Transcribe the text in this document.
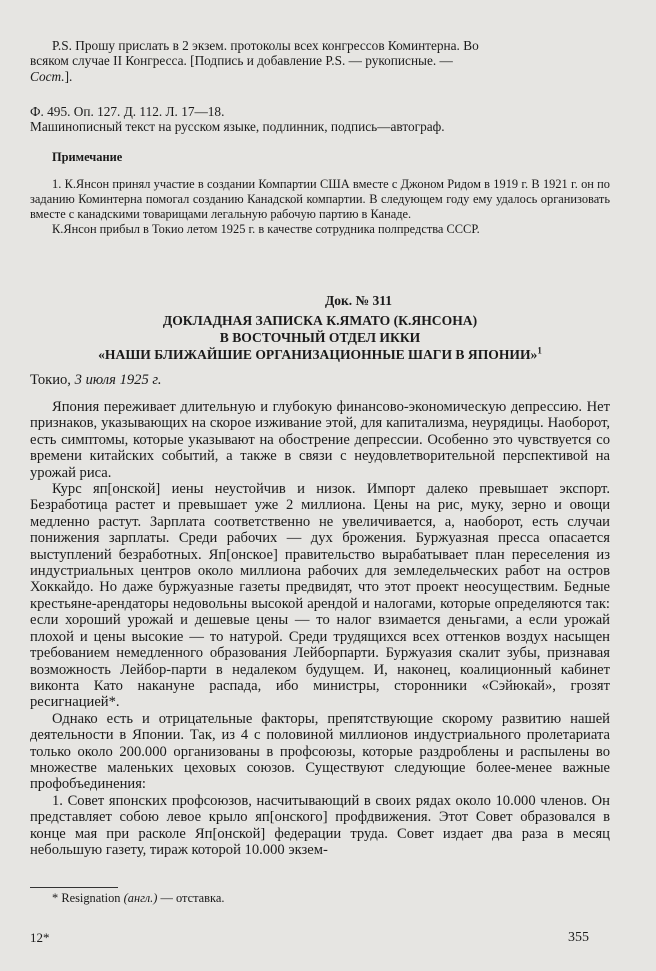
P.S. Прошу прислать в 2 экзем. протоколы всех конгрессов Коминтерна. Во

всяком случае II Конгресса. [Подпись и добавление P.S. — рукописные. —

Сост.].

Ф. 495. Оп. 127. Д. 112. Л. 17—18.

Машинописный текст на русском языке, подлинник, подпись—автограф.

Примечание

1. К.Янсон принял участие в создании Компартии США вместе с Джоном Ридом в 1919 г. В 1921 г. он по заданию Коминтерна помогал созданию Канадской компартии. В следующем году ему удалось организовать вместе с канадскими товарищами легальную рабочую партию в Канаде.

К.Янсон прибыл в Токио летом 1925 г. в качестве сотрудника полпредства СССР.

Док. № 311

ДОКЛАДНАЯ ЗАПИСКА К.ЯМАТО (К.ЯНСОНА)

В ВОСТОЧНЫЙ ОТДЕЛ ИККИ

«НАШИ БЛИЖАЙШИЕ ОРГАНИЗАЦИОННЫЕ ШАГИ В ЯПОНИИ»$^1$

Токио, 3 июля 1925 г.

Япония переживает длительную и глубокую финансово-экономическую депрессию. Нет признаков, указывающих на скорое изживание этой, для капитализма, неурядицы. Наоборот, есть симптомы, которые указывают на обострение депрессии. Особенно это чувствуется со времени китайских событий, а также в связи с неудовлетворительной перспективой на урожай риса.

Курс яп[онской] иены неустойчив и низок. Импорт далеко превышает экспорт. Безработица растет и превышает уже 2 миллиона. Цены на рис, муку, зерно и овощи медленно растут. Зарплата соответственно не увеличивается, а, наоборот, есть случаи понижения зарплаты. Среди рабочих — дух брожения. Буржуазная пресса опасается выступлений безработных. Яп[онское] правительство вырабатывает план переселения из индустриальных центров около миллиона рабочих для земледельческих работ на остров Хоккайдо. Но даже буржуазные газеты предвидят, что этот проект неосуществим. Бедные крестьяне-арендаторы недовольны высокой арендой и налогами, которые определяются так: если хороший урожай и дешевые цены — то налог взимается деньгами, а если урожай плохой и цены высокие — то натурой. Среди трудящихся всех оттенков воздух насыщен требованием немедленного образования Лейборпарти. Буржуазия скалит зубы, признавая возможность Лейбор-парти в недалеком будущем. И, наконец, коалиционный кабинет виконта Като накануне распада, ибо министры, сторонники «Сэйюкай», грозят ресигнацией*.

Однако есть и отрицательные факторы, препятствующие скорому развитию нашей деятельности в Японии. Так, из 4 с половиной миллионов индустриального пролетариата только около 200.000 организованы в профсоюзы, которые раздроблены и распылены во множестве маленьких цеховых союзов. Существуют следующие более-менее важные профобъединения:

1. Совет японских профсоюзов, насчитывающий в своих рядах около 10.000 членов. Он представляет собою левое крыло яп[онского] профдвижения. Этот Совет образовался в конце мая при расколе Яп[онской] федерации труда. Совет издает два раза в месяц небольшую газету, тираж которой 10.000 экзем-

* Resignation (англ.) — отставка.

12*	355
